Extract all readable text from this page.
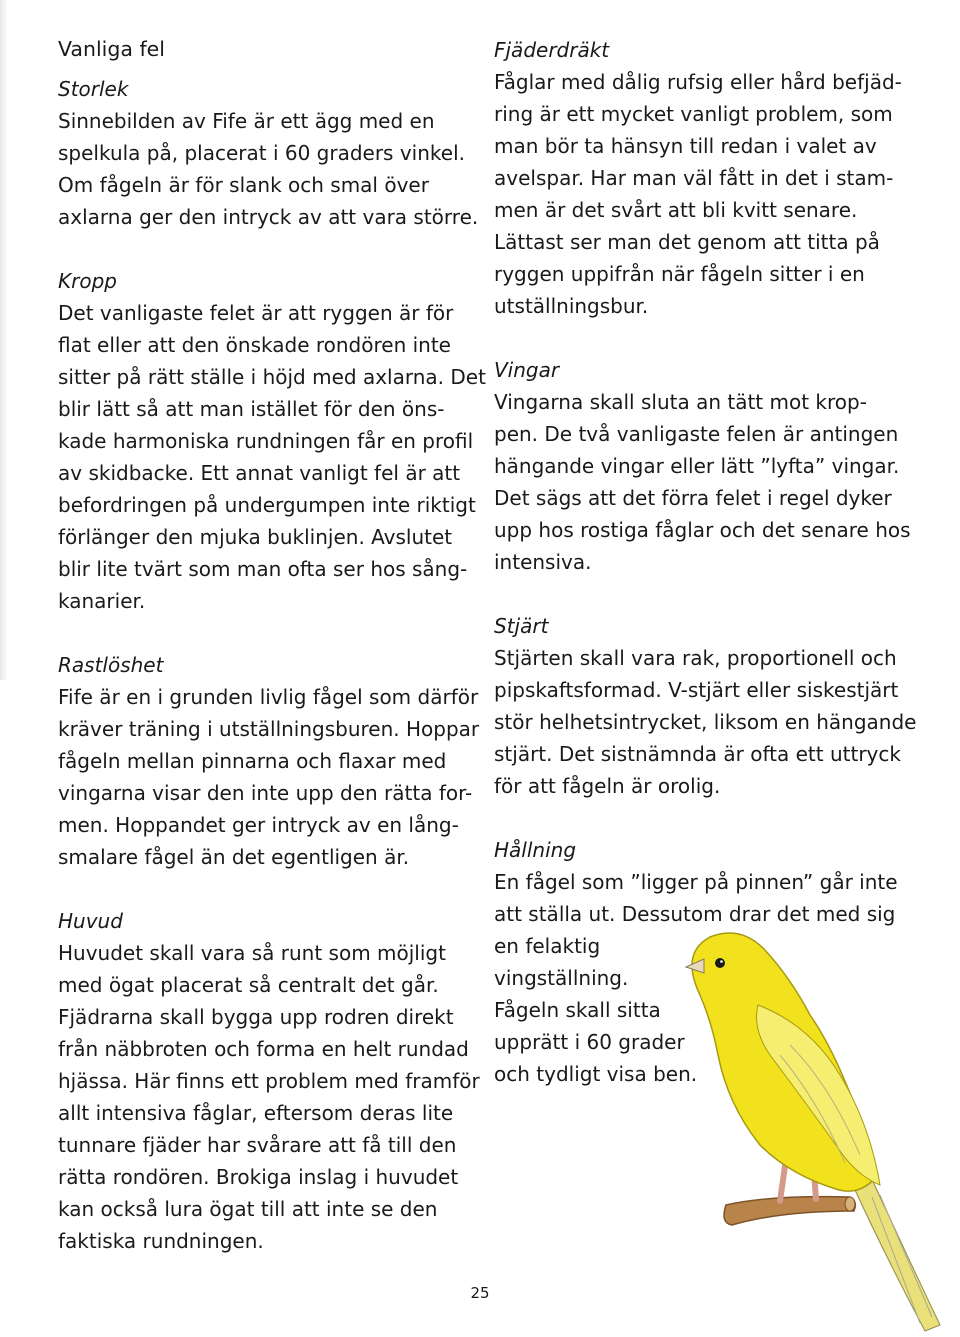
Vanliga fel
Storlek
Sinnebilden av Fife är ett ägg med en
spelkula på, placerat i 60 graders vinkel.
Om fågeln är för slank och smal över
axlarna ger den intryck av att vara större.
Kropp
Det vanligaste felet är att ryggen är för
flat eller att den önskade rondören inte
sitter på rätt ställe i höjd med axlarna. Det
blir lätt så att man istället för den öns-
kade harmoniska rundningen får en profil
av skidbacke. Ett annat vanligt fel är att
befordringen på undergumpen inte riktigt
förlänger den mjuka buklinjen. Avslutet
blir lite tvärt som man ofta ser hos sång-
kanarier.
Rastlöshet
Fife är en i grunden livlig fågel som därför
kräver träning i utställningsburen. Hoppar
fågeln mellan pinnarna och flaxar med
vingarna visar den inte upp den rätta for-
men. Hoppandet ger intryck av en lång-
smalare fågel än det egentligen är.
Huvud
Huvudet skall vara så runt som möjligt
med ögat placerat så centralt det går.
Fjädrarna skall bygga upp rodren direkt
från näbbroten och forma en helt rundad
hjässa. Här finns ett problem med framför
allt intensiva fåglar, eftersom deras lite
tunnare fjäder har svårare att få till den
rätta rondören. Brokiga inslag i huvudet
kan också lura ögat till att inte se den
faktiska rundningen.
Fjäderdräkt
Fåglar med dålig rufsig eller hård befjäd-
ring är ett mycket vanligt problem, som
man bör ta hänsyn till redan i valet av
avelspar. Har man väl fått in det i stam-
men är det svårt att bli kvitt senare.
Lättast ser man det genom att titta på
ryggen uppifrån när fågeln sitter i en
utställningsbur.
Vingar
Vingarna skall sluta an tätt mot krop-
pen. De två vanligaste felen är antingen
hängande vingar eller lätt ”lyfta” vingar.
Det sägs att det förra felet i regel dyker
upp hos rostiga fåglar och det senare hos
intensiva.
Stjärt
Stjärten skall vara rak, proportionell och
pipskaftsformad. V-stjärt eller siskestjärt
stör helhetsintrycket, liksom en hängande
stjärt. Det sistnämnda är ofta ett uttryck
för att fågeln är orolig.
Hållning
En fågel som ”ligger på pinnen” går inte
att ställa ut. Dessutom drar det med sig
en felaktig
vingställning.
Fågeln skall sitta
upprätt i 60 grader
och tydligt visa ben.
25
